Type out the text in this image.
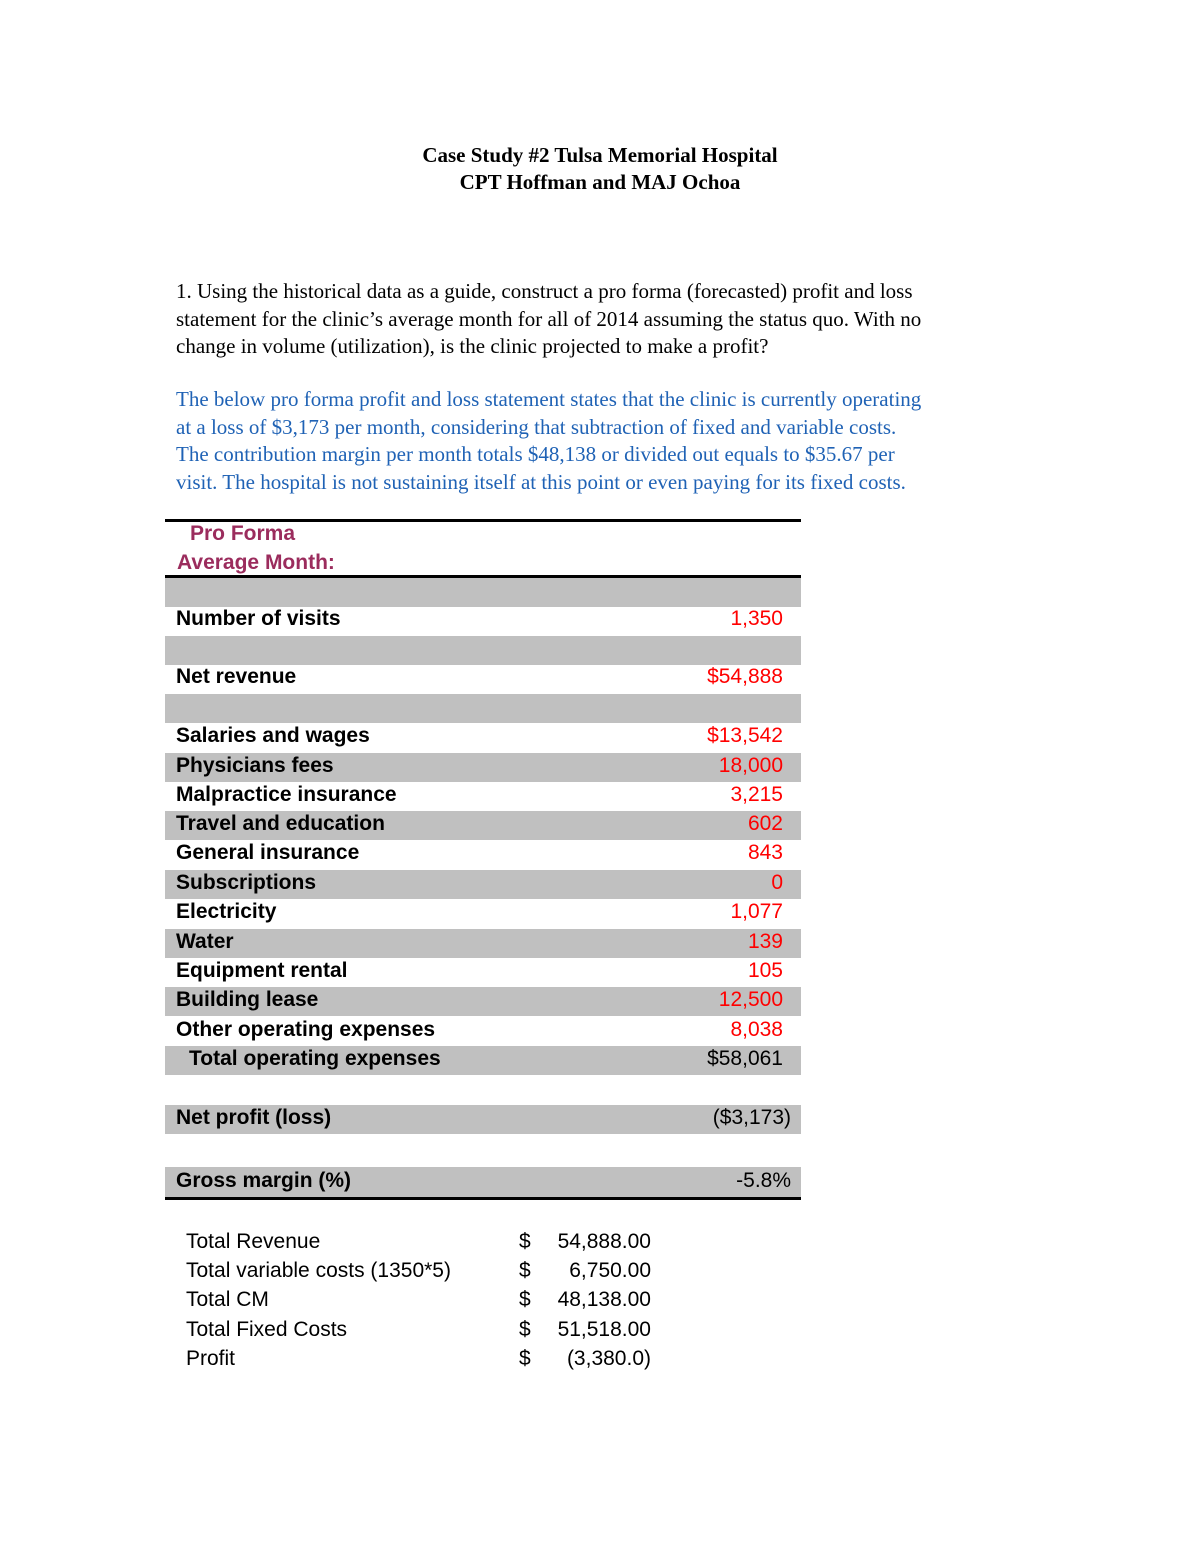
Case Study #2 Tulsa Memorial Hospital
CPT Hoffman and MAJ Ochoa
1. Using the historical data as a guide, construct a pro forma (forecasted) profit and loss
statement for the clinic’s average month for all of 2014 assuming the status quo. With no
change in volume (utilization), is the clinic projected to make a profit?
The below pro forma profit and loss statement states that the clinic is currently operating
at a loss of $3,173 per month, considering that subtraction of fixed and variable costs.
The contribution margin per month totals $48,138 or divided out equals to $35.67 per
visit. The hospital is not sustaining itself at this point or even paying for its fixed costs.
Pro Forma
Average Month:
Number of visits	1,350
Net revenue	$54,888
Salaries and wages	$13,542
Physicians fees	18,000
Malpractice insurance	3,215
Travel and education	602
General insurance	843
Subscriptions	0
Electricity	1,077
Water	139
Equipment rental	105
Building lease	12,500
Other operating expenses	8,038
Total operating expenses	$58,061
Net profit (loss)	($3,173)
Gross margin (%)	-5.8%
Total Revenue	$	54,888.00
Total variable costs (1350*5)	$	6,750.00
Total CM	$	48,138.00
Total Fixed Costs	$	51,518.00
Profit	$	(3,380.0)
